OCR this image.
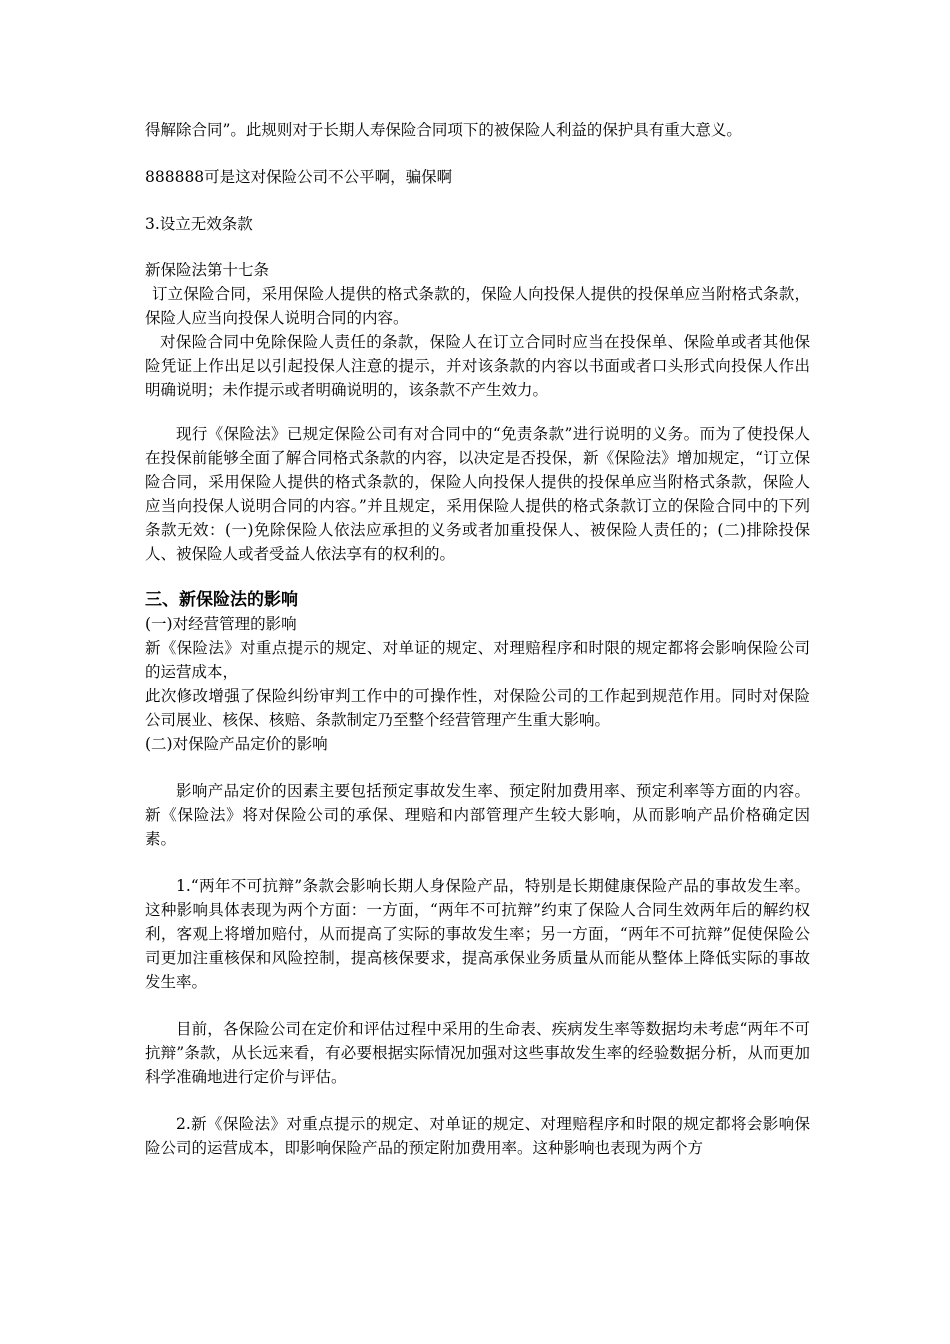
得解除合同”。此规则对于长期人寿保险合同项下的被保险人利益的保护具有重大意义。

888888可是这对保险公司不公平啊，骗保啊

3.设立无效条款

新保险法第十七条

订立保险合同，采用保险人提供的格式条款的，保险人向投保人提供的投保单应当附格式条款，保险人应当向投保人说明合同的内容。

对保险合同中免除保险人责任的条款，保险人在订立合同时应当在投保单、保险单或者其他保险凭证上作出足以引起投保人注意的提示，并对该条款的内容以书面或者口头形式向投保人作出明确说明；未作提示或者明确说明的，该条款不产生效力。

现行《保险法》已规定保险公司有对合同中的“免责条款”进行说明的义务。而为了使投保人在投保前能够全面了解合同格式条款的内容，以决定是否投保，新《保险法》增加规定，“订立保险合同，采用保险人提供的格式条款的，保险人向投保人提供的投保单应当附格式条款，保险人应当向投保人说明合同的内容。”并且规定，采用保险人提供的格式条款订立的保险合同中的下列条款无效：(一)免除保险人依法应承担的义务或者加重投保人、被保险人责任的；(二)排除投保人、被保险人或者受益人依法享有的权利的。

三、新保险法的影响

(一)对经营管理的影响

新《保险法》对重点提示的规定、对单证的规定、对理赔程序和时限的规定都将会影响保险公司的运营成本，

此次修改增强了保险纠纷审判工作中的可操作性，对保险公司的工作起到规范作用。同时对保险公司展业、核保、核赔、条款制定乃至整个经营管理产生重大影响。

(二)对保险产品定价的影响

影响产品定价的因素主要包括预定事故发生率、预定附加费用率、预定利率等方面的内容。新《保险法》将对保险公司的承保、理赔和内部管理产生较大影响，从而影响产品价格确定因素。

1.“两年不可抗辩”条款会影响长期人身保险产品，特别是长期健康保险产品的事故发生率。这种影响具体表现为两个方面：一方面，“两年不可抗辩”约束了保险人合同生效两年后的解约权利，客观上将增加赔付，从而提高了实际的事故发生率；另一方面，“两年不可抗辩”促使保险公司更加注重核保和风险控制，提高核保要求，提高承保业务质量从而能从整体上降低实际的事故发生率。

目前，各保险公司在定价和评估过程中采用的生命表、疾病发生率等数据均未考虑“两年不可抗辩”条款，从长远来看，有必要根据实际情况加强对这些事故发生率的经验数据分析，从而更加科学准确地进行定价与评估。

2.新《保险法》对重点提示的规定、对单证的规定、对理赔程序和时限的规定都将会影响保险公司的运营成本，即影响保险产品的预定附加费用率。这种影响也表现为两个方
